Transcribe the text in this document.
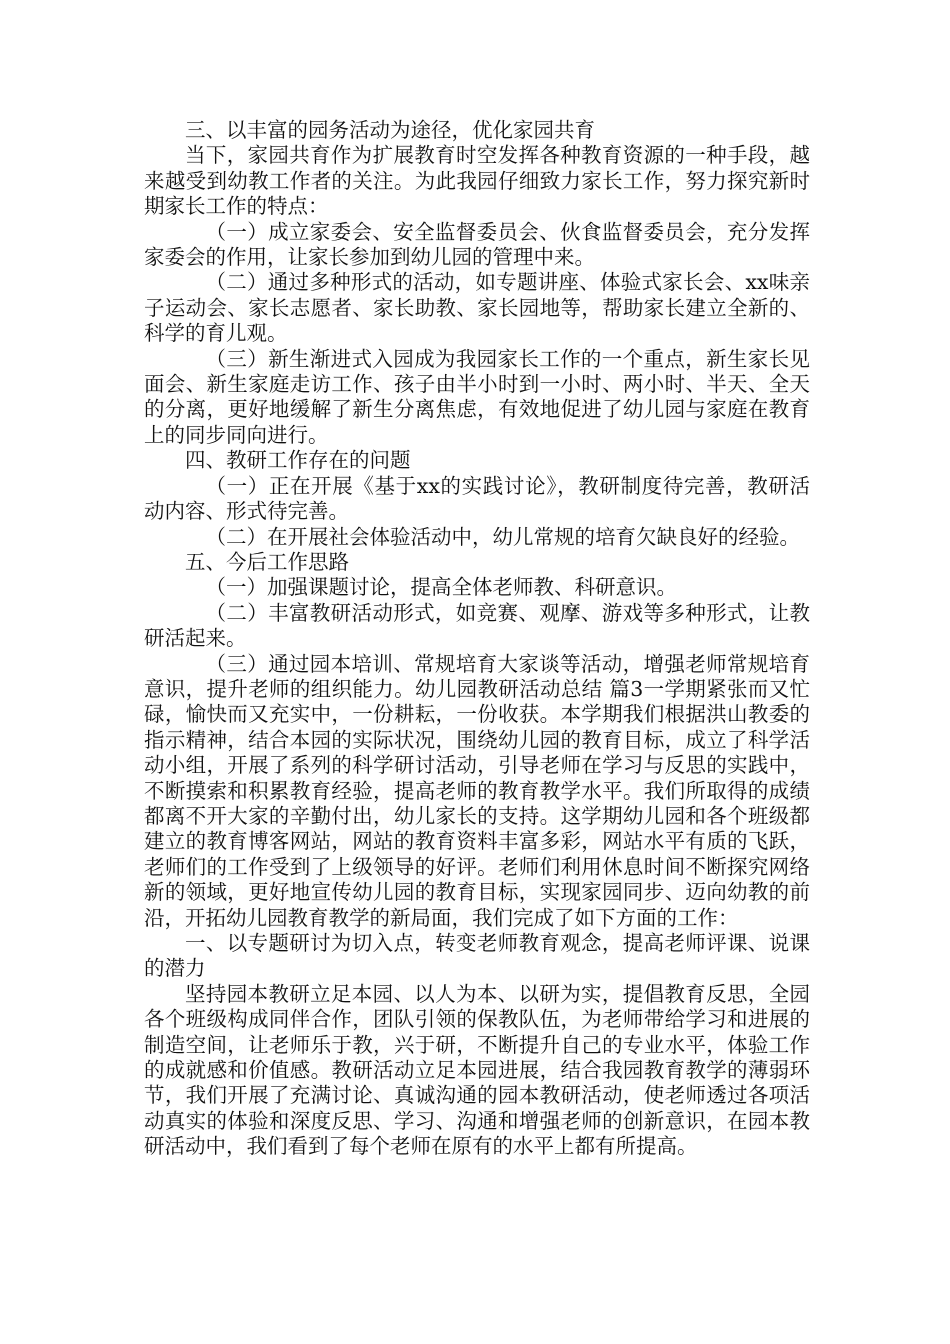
三、以丰富的园务活动为途径，优化家园共育

当下，家园共育作为扩展教育时空发挥各种教育资源的一种手段，越来越受到幼教工作者的关注。为此我园仔细致力家长工作，努力探究新时期家长工作的特点：

（一）成立家委会、安全监督委员会、伙食监督委员会，充分发挥家委会的作用，让家长参加到幼儿园的管理中来。

（二）通过多种形式的活动，如专题讲座、体验式家长会、xx味亲子运动会、家长志愿者、家长助教、家长园地等，帮助家长建立全新的、科学的育儿观。

（三）新生渐进式入园成为我园家长工作的一个重点，新生家长见面会、新生家庭走访工作、孩子由半小时到一小时、两小时、半天、全天的分离，更好地缓解了新生分离焦虑，有效地促进了幼儿园与家庭在教育上的同步同向进行。

四、教研工作存在的问题

（一）正在开展《基于xx的实践讨论》，教研制度待完善，教研活动内容、形式待完善。

（二）在开展社会体验活动中，幼儿常规的培育欠缺良好的经验。

五、今后工作思路

（一）加强课题讨论，提高全体老师教、科研意识。

（二）丰富教研活动形式，如竞赛、观摩、游戏等多种形式，让教研活起来。

（三）通过园本培训、常规培育大家谈等活动，增强老师常规培育意识，提升老师的组织能力。幼儿园教研活动总结 篇3一学期紧张而又忙碌，愉快而又充实中，一份耕耘，一份收获。本学期我们根据洪山教委的指示精神，结合本园的实际状况，围绕幼儿园的教育目标，成立了科学活动小组，开展了系列的科学研讨活动，引导老师在学习与反思的实践中，不断摸索和积累教育经验，提高老师的教育教学水平。我们所取得的成绩都离不开大家的辛勤付出，幼儿家长的支持。这学期幼儿园和各个班级都建立的教育博客网站，网站的教育资料丰富多彩，网站水平有质的飞跃，老师们的工作受到了上级领导的好评。老师们利用休息时间不断探究网络新的领域，更好地宣传幼儿园的教育目标，实现家园同步、迈向幼教的前沿，开拓幼儿园教育教学的新局面，我们完成了如下方面的工作：

一、以专题研讨为切入点，转变老师教育观念，提高老师评课、说课的潜力

坚持园本教研立足本园、以人为本、以研为实，提倡教育反思，全园各个班级构成同伴合作，团队引领的保教队伍，为老师带给学习和进展的制造空间，让老师乐于教，兴于研，不断提升自己的专业水平，体验工作的成就感和价值感。教研活动立足本园进展，结合我园教育教学的薄弱环节，我们开展了充满讨论、真诚沟通的园本教研活动，使老师透过各项活动真实的体验和深度反思、学习、沟通和增强老师的创新意识，在园本教研活动中，我们看到了每个老师在原有的水平上都有所提高。
